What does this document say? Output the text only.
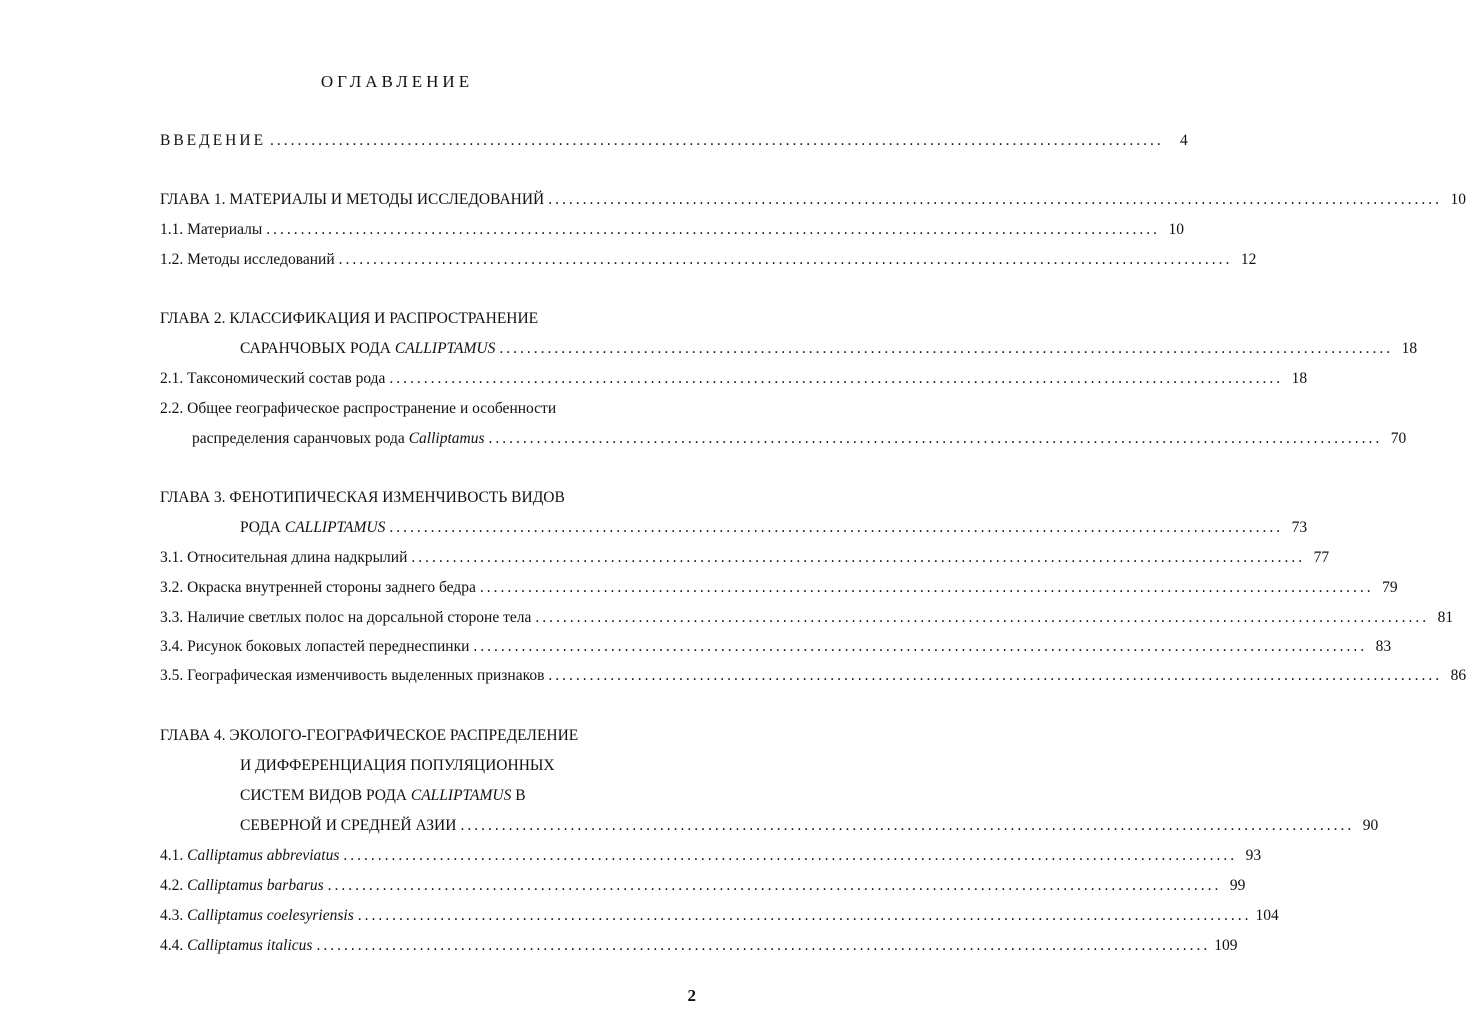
ОГЛАВЛЕНИЕ
ВВЕДЕНИЕ ..................................................................................................................................	4
ГЛАВА 1. МАТЕРИАЛЫ И МЕТОДЫ ИССЛЕДОВАНИЙ .................................................................................................................................. 10
1.1. Материалы .................................................................................................................................. 10
1.2. Методы исследований .................................................................................................................................. 12
ГЛАВА 2. КЛАССИФИКАЦИЯ И РАСПРОСТРАНЕНИЕ
САРАНЧОВЫХ РОДА CALLIPTAMUS .................................................................................................................................. 18
2.1. Таксономический состав рода .................................................................................................................................. 18
2.2. Общее географическое распространение и особенности
распределения саранчовых рода Calliptamus .................................................................................................................................. 70
ГЛАВА 3. ФЕНОТИПИЧЕСКАЯ ИЗМЕНЧИВОСТЬ ВИДОВ
РОДА CALLIPTAMUS .................................................................................................................................. 73
3.1. Относительная длина надкрылий .................................................................................................................................. 77
3.2. Окраска внутренней стороны заднего бедра .................................................................................................................................. 79
3.3. Наличие светлых полос на дорсальной стороне тела .................................................................................................................................. 81
3.4. Рисунок боковых лопастей переднеспинки .................................................................................................................................. 83
3.5. Географическая изменчивость выделенных признаков .................................................................................................................................. 86
ГЛАВА 4. ЭКОЛОГО-ГЕОГРАФИЧЕСКОЕ РАСПРЕДЕЛЕНИЕ
И ДИФФЕРЕНЦИАЦИЯ ПОПУЛЯЦИОННЫХ
СИСТЕМ ВИДОВ РОДА CALLIPTAMUS В
СЕВЕРНОЙ И СРЕДНЕЙ АЗИИ .................................................................................................................................. 90
4.1. Calliptamus abbreviatus .................................................................................................................................. 93
4.2. Calliptamus barbarus .................................................................................................................................. 99
4.3. Calliptamus coelesyriensis .................................................................................................................................. 104
4.4. Calliptamus italicus .................................................................................................................................. 109
2
